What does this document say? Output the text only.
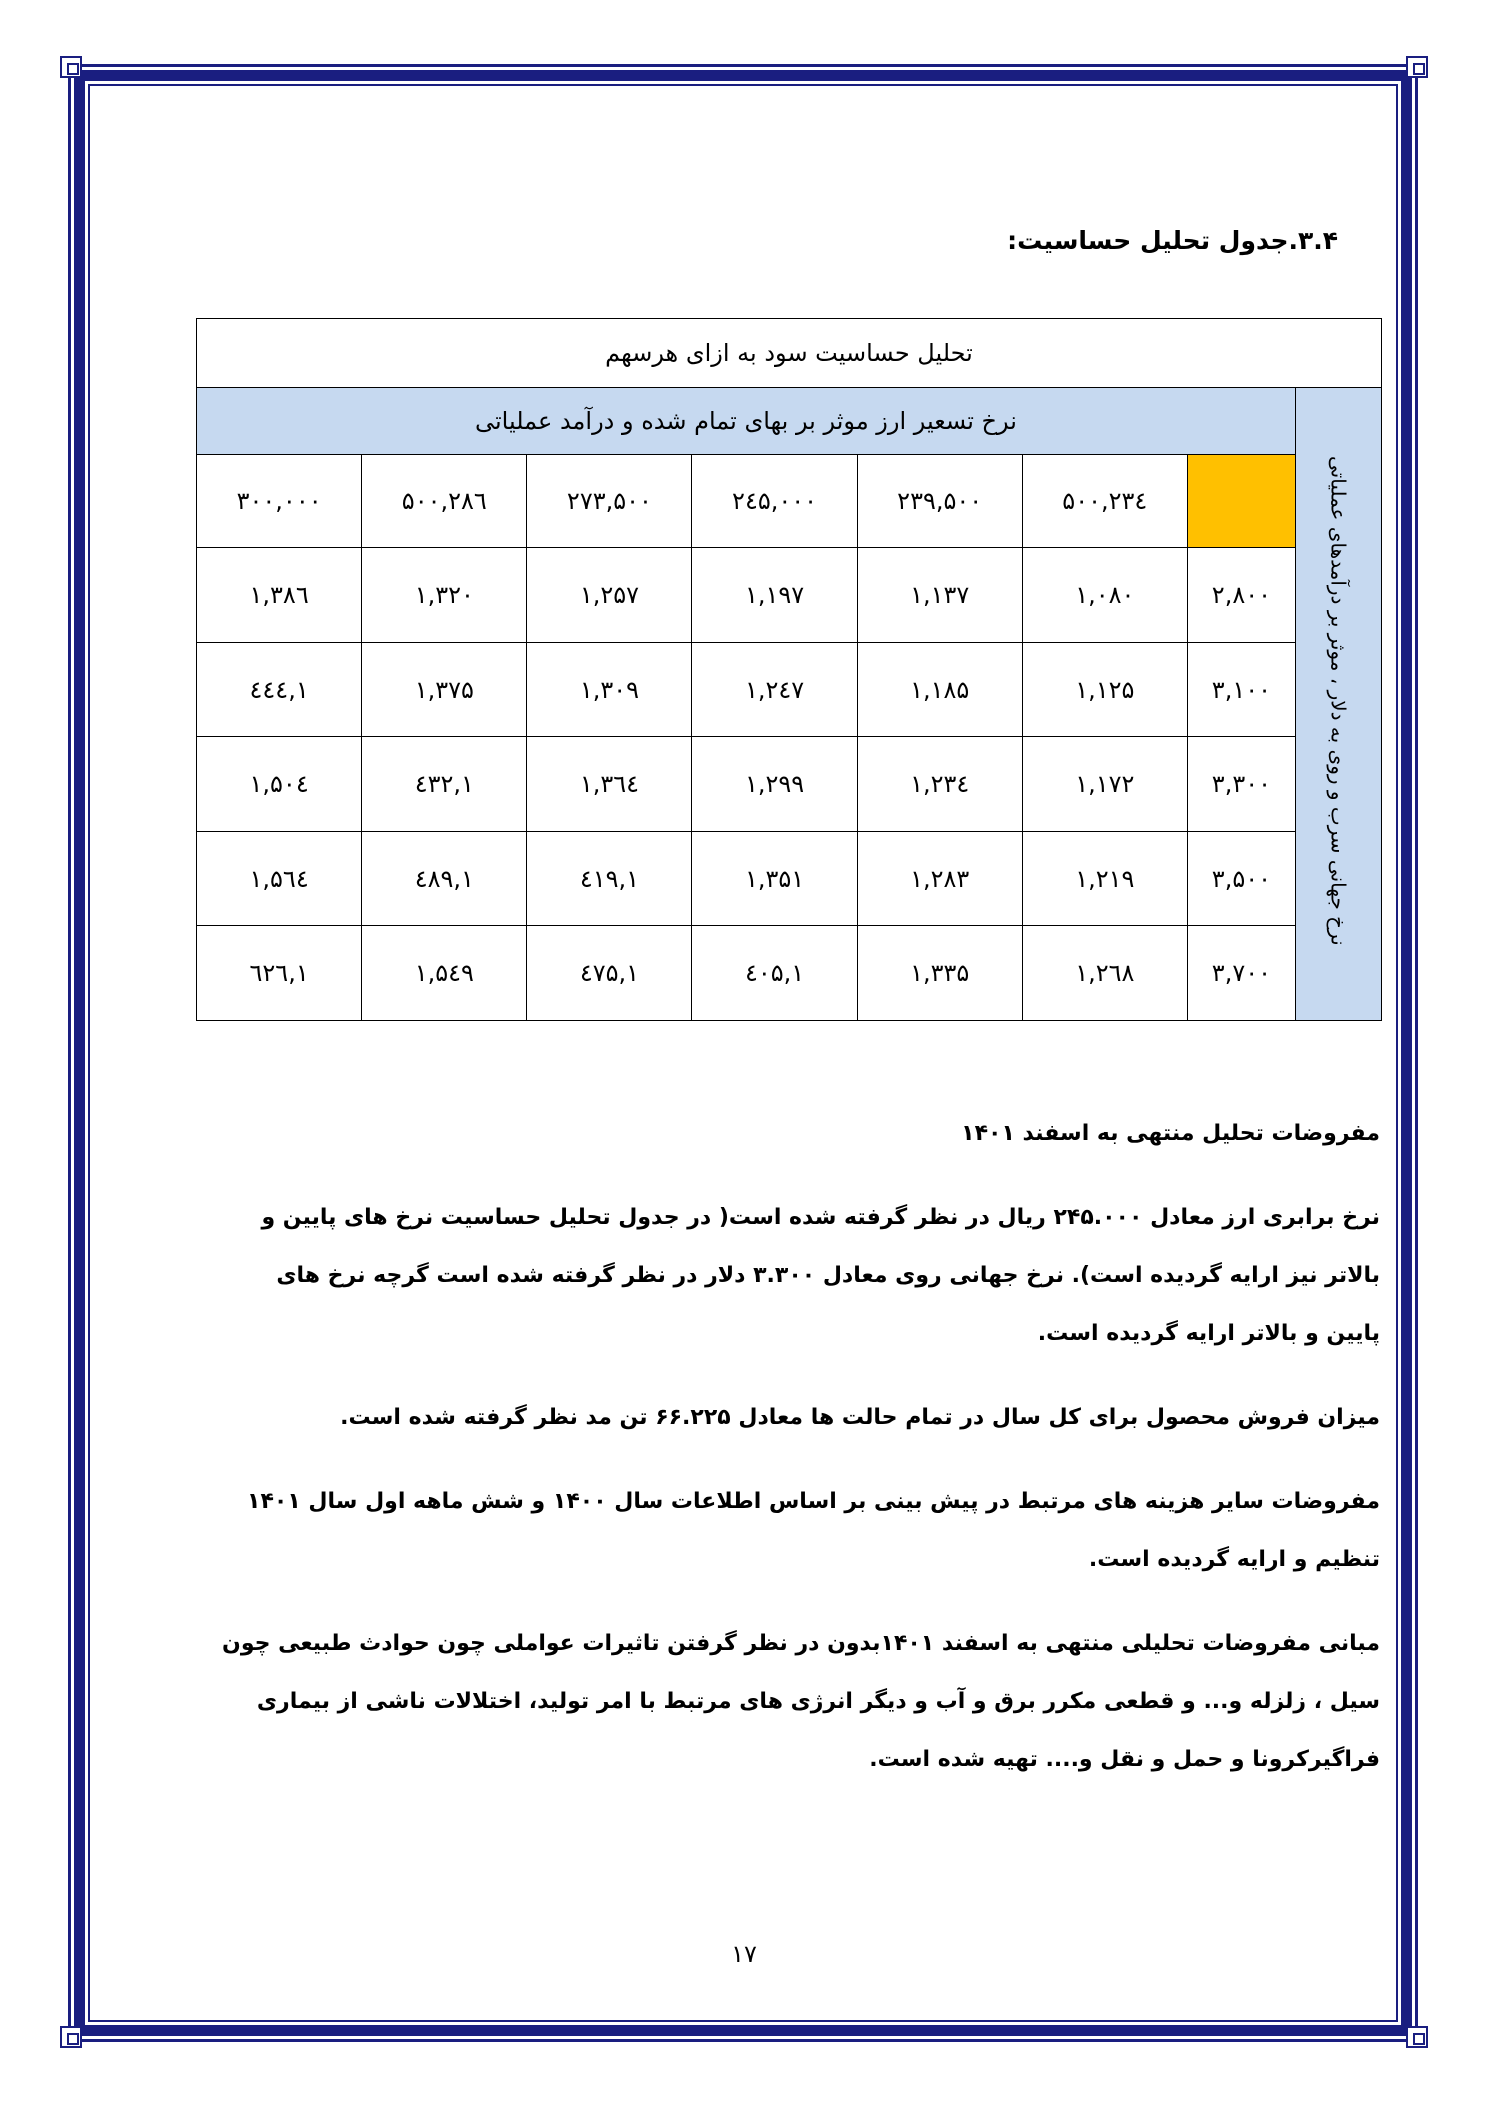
۳.۴.جدول تحلیل حساسیت:
تحلیل حساسیت سود به ازای هرسهم							
نرخ جهانی سرب و روی به دلار ، موثر بر درآمدهای عملیاتی	نرخ تسعیر ارز موثر بر بهای تمام شده و درآمد عملیاتی						
		۲۳٤,۵۰۰	۲۳۹,۵۰۰	۲٤۵,۰۰۰	۲۷۳,۵۰۰	۲۸٦,۵۰۰	۳۰۰,۰۰۰
	۲,۸۰۰	۱,۰۸۰	۱,۱۳۷	۱,۱۹۷	۱,۲۵۷	۱,۳۲۰	۱,۳۸٦
	۳,۱۰۰	۱,۱۲۵	۱,۱۸۵	۱,۲٤۷	۱,۳۰۹	۱,۳۷۵	۱,٤٤٤
	۳,۳۰۰	۱,۱۷۲	۱,۲۳٤	۱,۲۹۹	۱,۳٦٤	۱,٤۳۲	۱,۵۰٤
	۳,۵۰۰	۱,۲۱۹	۱,۲۸۳	۱,۳۵۱	۱,٤۱۹	۱,٤۸۹	۱,۵٦٤
	۳,۷۰۰	۱,۲٦۸	۱,۳۳۵	۱,٤۰۵	۱,٤۷۵	۱,۵٤۹	۱,٦۲٦

مفروضات تحلیل منتهی به اسفند ۱۴۰۱

نرخ برابری ارز معادل ۲۴۵.۰۰۰ ریال در نظر گرفته شده است( در جدول تحلیل حساسیت نرخ های پایین و بالاتر نیز ارایه گردیده است). نرخ جهانی روی معادل ۳.۳۰۰ دلار در نظر گرفته شده است گرچه نرخ های پایین و بالاتر ارایه گردیده است.

میزان فروش محصول برای کل سال در تمام حالت ها معادل ۶۶.۲۲۵ تن مد نظر گرفته شده است.

مفروضات سایر هزینه های مرتبط در پیش بینی بر اساس اطلاعات سال ۱۴۰۰ و شش ماهه اول سال ۱۴۰۱ تنظیم و ارایه گردیده است.

مبانی مفروضات تحلیلی منتهی به اسفند ۱۴۰۱بدون در نظر گرفتن تاثیرات عواملی چون حوادث طبیعی چون سیل ، زلزله و... و قطعی مکرر برق و آب و دیگر انرژی های مرتبط با امر تولید، اختلالات ناشی از بیماری فراگیرکرونا و حمل و نقل و.... تهیه شده است.

۱۷
